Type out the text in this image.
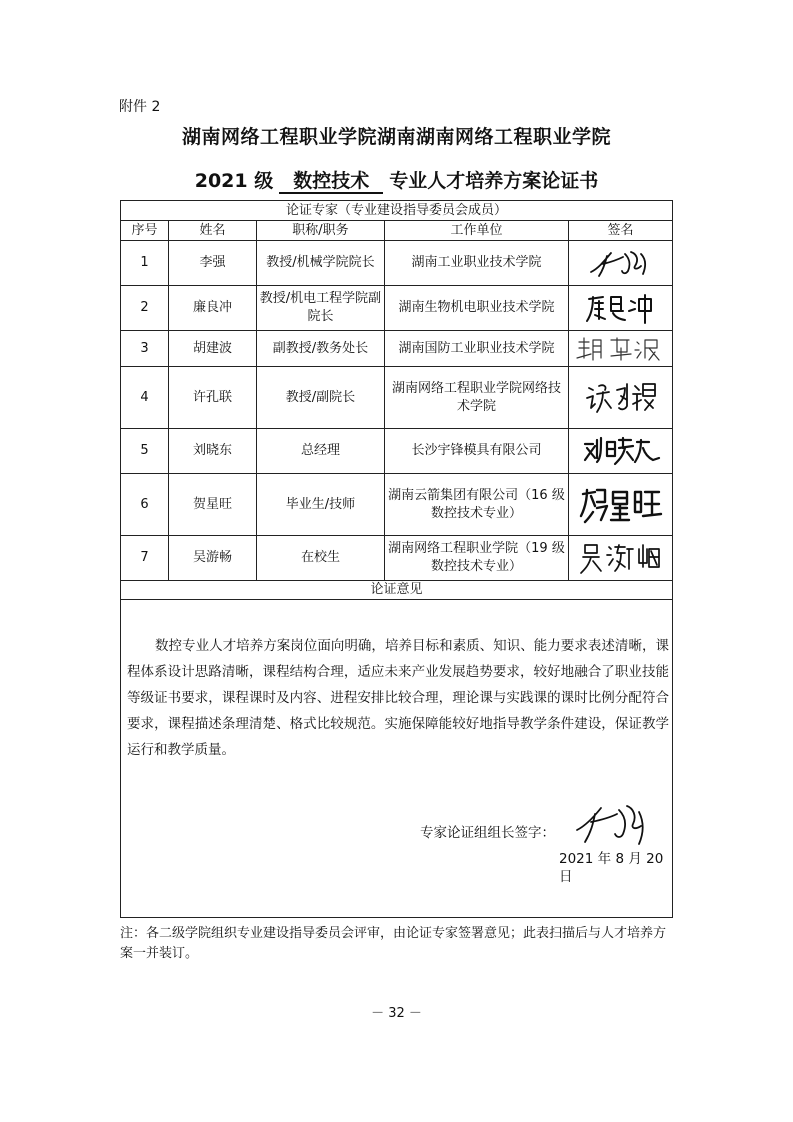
附件 2
湖南网络工程职业学院湖南湖南网络工程职业学院
2021 级 数控技术 专业人才培养方案论证书
论证专家（专业建设指导委员会成员）				
序号	姓名	职称/职务	工作单位	签名
1	李强	教授/机械学院院长	湖南工业职业技术学院	

2	廉良冲	教授/机电工程学院副院长	湖南生物机电职业技术学院	

3	胡建波	副教授/教务处长	湖南国防工业职业技术学院	

4	许孔联	教授/副院长	湖南网络工程职业学院网络技术学院	

5	刘晓东	总经理	长沙宇锋模具有限公司	

6	贺星旺	毕业生/技师	湖南云箭集团有限公司（16 级数控技术专业）	

7	吴游畅	在校生	湖南网络工程职业学院（19 级数控技术专业）	

论证意见				

数控专业人才培养方案岗位面向明确，培养目标和素质、知识、能力要求表述清晰，课程体系设计思路清晰，课程结构合理，适应未来产业发展趋势要求，较好地融合了职业技能等级证书要求，课程课时及内容、进程安排比较合理，理论课与实践课的课时比例分配符合要求，课程描述条理清楚、格式比较规范。实施保障能较好地指导教学条件建设，保证教学运行和教学质量。
专家论证组组长签字：
2021 年 8 月 20 日				
注：各二级学院组织专业建设指导委员会评审，由论证专家签署意见；此表扫描后与人才培养方案一并装订。
－ 32 －
